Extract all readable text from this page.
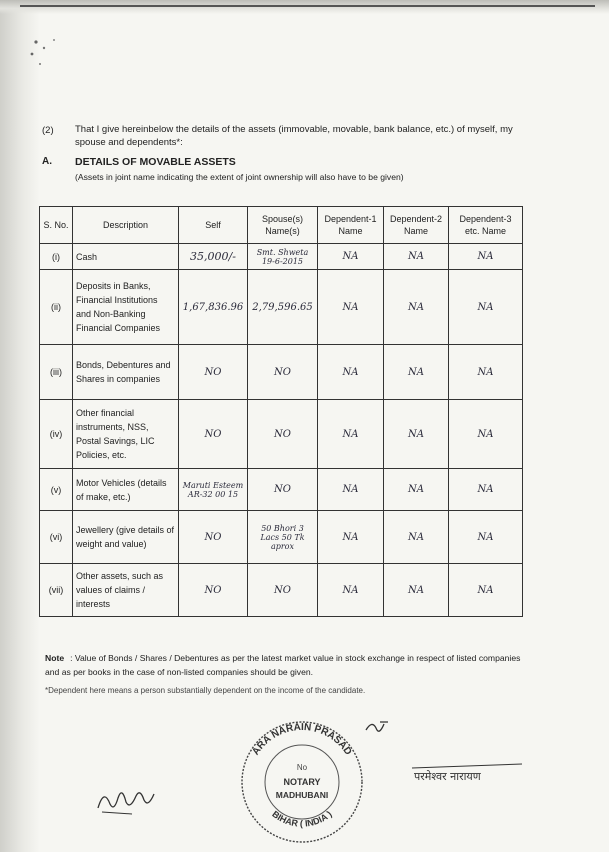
(2) That I give hereinbelow the details of the assets (immovable, movable, bank balance, etc.) of myself, my spouse and dependents*:
A. DETAILS OF MOVABLE ASSETS
(Assets in joint name indicating the extent of joint ownership will also have to be given)
S. No.	Description	Self	Spouse(s) Name(s)	Dependent-1 Name	Dependent-2 Name	Dependent-3 etc. Name
(i)	Cash	35,000/-	Smt. Shweta 19-6-2015	NA	NA	NA
(ii)	Deposits in Banks, Financial Institutions and Non-Banking Financial Companies	1,67,836.96	2,79,596.65	NA	NA	NA
(iii)	Bonds, Debentures and Shares in companies	NO	NO	NA	NA	NA
(iv)	Other financial instruments, NSS, Postal Savings, LIC Policies, etc.	NO	NO	NA	NA	NA
(v)	Motor Vehicles (details of make, etc.)	Maruti Esteem AR-32 00 15	NO	NA	NA	NA
(vi)	Jewellery (give details of weight and value)	NO	50 Bhori 3 Lacs 50 Tk aprox	NA	NA	NA
(vii)	Other assets, such as values of claims / interests	NO	NO	NA	NA	NA
Note : Value of Bonds / Shares / Debentures as per the latest market value in stock exchange in respect of listed companies and as per books in the case of non-listed companies should be given.
*Dependent here means a person substantially dependent on the income of the candidate.
ARA NARAIN PRASAD
BIHAR ( INDIA )
No
NOTARY
MADHUBANI
परमेश्वर नारायण
